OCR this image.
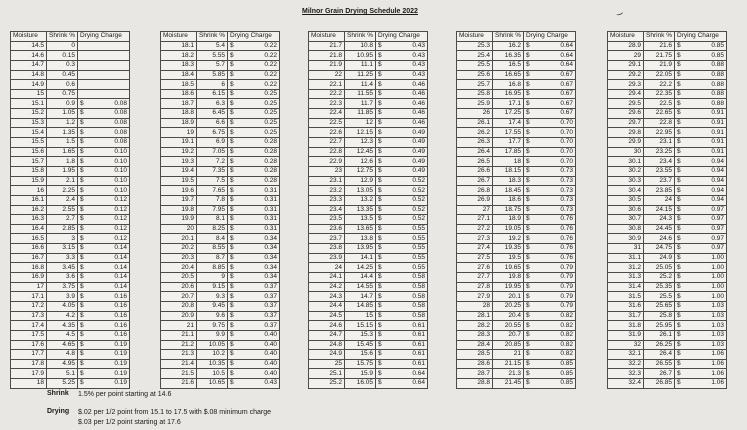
Milnor Grain Drying Schedule 2022
Moisture	Shrink % Drying Charge
14.5	0
14.6	0.15
14.7	0.3
14.8	0.45
14.9	0.6
15	0.75
15.1	0.9 $	0.08
15.2	1.05 $	0.08
15.3	1.2 $	0.08
15.4	1.35 $	0.08
15.5	1.5 $	0.08
15.6	1.65 $	0.10
15.7	1.8 $	0.10
15.8	1.95 $	0.10
15.9	2.1 $	0.10
16	2.25 $	0.10
16.1	2.4 $	0.12
16.2	2.55 $	0.12
16.3	2.7 $	0.12
16.4	2.85 $	0.12
16.5	3 $	0.12
16.6	3.15 $	0.14
16.7	3.3 $	0.14
16.8	3.45 $	0.14
16.9	3.6 $	0.14
17	3.75 $	0.14
17.1	3.9 $	0.16
17.2	4.05 $	0.16
17.3	4.2 $	0.16
17.4	4.35 $	0.16
17.5	4.5 $	0.16
17.6	4.65 $	0.19
17.7	4.8 $	0.19
17.8	4.95 $	0.19
17.9	5.1 $	0.19
18	5.25 $	0.19
Moisture	Shrink % Drying Charge
18.1	5.4 $	0.22
18.2	5.55 $	0.22
18.3	5.7 $	0.22
18.4	5.85 $	0.22
18.5	6 $	0.22
18.6	6.15 $	0.25
18.7	6.3 $	0.25
18.8	6.45 $	0.25
18.9	6.6 $	0.25
19	6.75 $	0.25
19.1	6.9 $	0.28
19.2	7.05 $	0.28
19.3	7.2 $	0.28
19.4	7.35 $	0.28
19.5	7.5 $	0.28
19.6	7.65 $	0.31
19.7	7.8 $	0.31
19.8	7.95 $	0.31
19.9	8.1 $	0.31
20	8.25 $	0.31
20.1	8.4 $	0.34
20.2	8.55 $	0.34
20.3	8.7 $	0.34
20.4	8.85 $	0.34
20.5	9 $	0.34
20.6	9.15 $	0.37
20.7	9.3 $	0.37
20.8	9.45 $	0.37
20.9	9.6 $	0.37
21	9.75 $	0.37
21.1	9.9 $	0.40
21.2	10.05 $	0.40
21.3	10.2 $	0.40
21.4	10.35 $	0.40
21.5	10.5 $	0.40
21.6	10.65 $	0.43
Moisture	Shrink % Drying Charge
21.7	10.8 $	0.43
21.8	10.95 $	0.43
21.9	11.1 $	0.43
22	11.25 $	0.43
22.1	11.4 $	0.46
22.2	11.55 $	0.46
22.3	11.7 $	0.46
22.4	11.85 $	0.46
22.5	12 $	0.46
22.6	12.15 $	0.49
22.7	12.3 $	0.49
22.8	12.45 $	0.49
22.9	12.6 $	0.49
23	12.75 $	0.49
23.1	12.9 $	0.52
23.2	13.05 $	0.52
23.3	13.2 $	0.52
23.4	13.35 $	0.52
23.5	13.5 $	0.52
23.6	13.65 $	0.55
23.7	13.8 $	0.55
23.8	13.95 $	0.55
23.9	14.1 $	0.55
24	14.25 $	0.55
24.1	14.4 $	0.58
24.2	14.55 $	0.58
24.3	14.7 $	0.58
24.4	14.85 $	0.58
24.5	15 $	0.58
24.6	15.15 $	0.61
24.7	15.3 $	0.61
24.8	15.45 $	0.61
24.9	15.6 $	0.61
25	15.75 $	0.61
25.1	15.9 $	0.64
25.2	16.05 $	0.64
Moisture	Shrink % Drying Charge
25.3	16.2 $	0.64
25.4	16.35 $	0.64
25.5	16.5 $	0.64
25.6	16.65 $	0.67
25.7	16.8 $	0.67
25.8	16.95 $	0.67
25.9	17.1 $	0.67
26	17.25 $	0.67
26.1	17.4 $	0.70
26.2	17.55 $	0.70
26.3	17.7 $	0.70
26.4	17.85 $	0.70
26.5	18 $	0.70
26.6	18.15 $	0.73
26.7	18.3 $	0.73
26.8	18.45 $	0.73
26.9	18.6 $	0.73
27	18.75 $	0.73
27.1	18.9 $	0.76
27.2	19.05 $	0.76
27.3	19.2 $	0.76
27.4	19.35 $	0.76
27.5	19.5 $	0.76
27.6	19.65 $	0.79
27.7	19.8 $	0.79
27.8	19.95 $	0.79
27.9	20.1 $	0.79
28	20.25 $	0.79
28.1	20.4 $	0.82
28.2	20.55 $	0.82
28.3	20.7 $	0.82
28.4	20.85 $	0.82
28.5	21 $	0.82
28.6	21.15 $	0.85
28.7	21.3 $	0.85
28.8	21.45 $	0.85
Moisture	Shrink % Drying Charge
28.9	21.6 $	0.85
29	21.75 $	0.85
29.1	21.9 $	0.88
29.2	22.05 $	0.88
29.3	22.2 $	0.88
29.4	22.35 $	0.88
29.5	22.5 $	0.88
29.6	22.65 $	0.91
29.7	22.8 $	0.91
29.8	22.95 $	0.91
29.9	23.1 $	0.91
30	23.25 $	0.91
30.1	23.4 $	0.94
30.2	23.55 $	0.94
30.3	23.7 $	0.94
30.4	23.85 $	0.94
30.5	24 $	0.94
30.6	24.15 $	0.97
30.7	24.3 $	0.97
30.8	24.45 $	0.97
30.9	24.6 $	0.97
31	24.75 $	0.97
31.1	24.9 $	1.00
31.2	25.05 $	1.00
31.3	25.2 $	1.00
31.4	25.35 $	1.00
31.5	25.5 $	1.00
31.6	25.65 $	1.03
31.7	25.8 $	1.03
31.8	25.95 $	1.03
31.9	26.1 $	1.03
32	26.25 $	1.03
32.1	26.4 $	1.06
32.2	26.55 $	1.06
32.3	26.7 $	1.06
32.4	26.85 $	1.06
Shrink	1.5% per point starting at 14.6
Drying	$.02 per 1/2 point from 15.1 to 17.5 with $.08 minimum charge
$.03 per 1/2 point starting at 17.6
